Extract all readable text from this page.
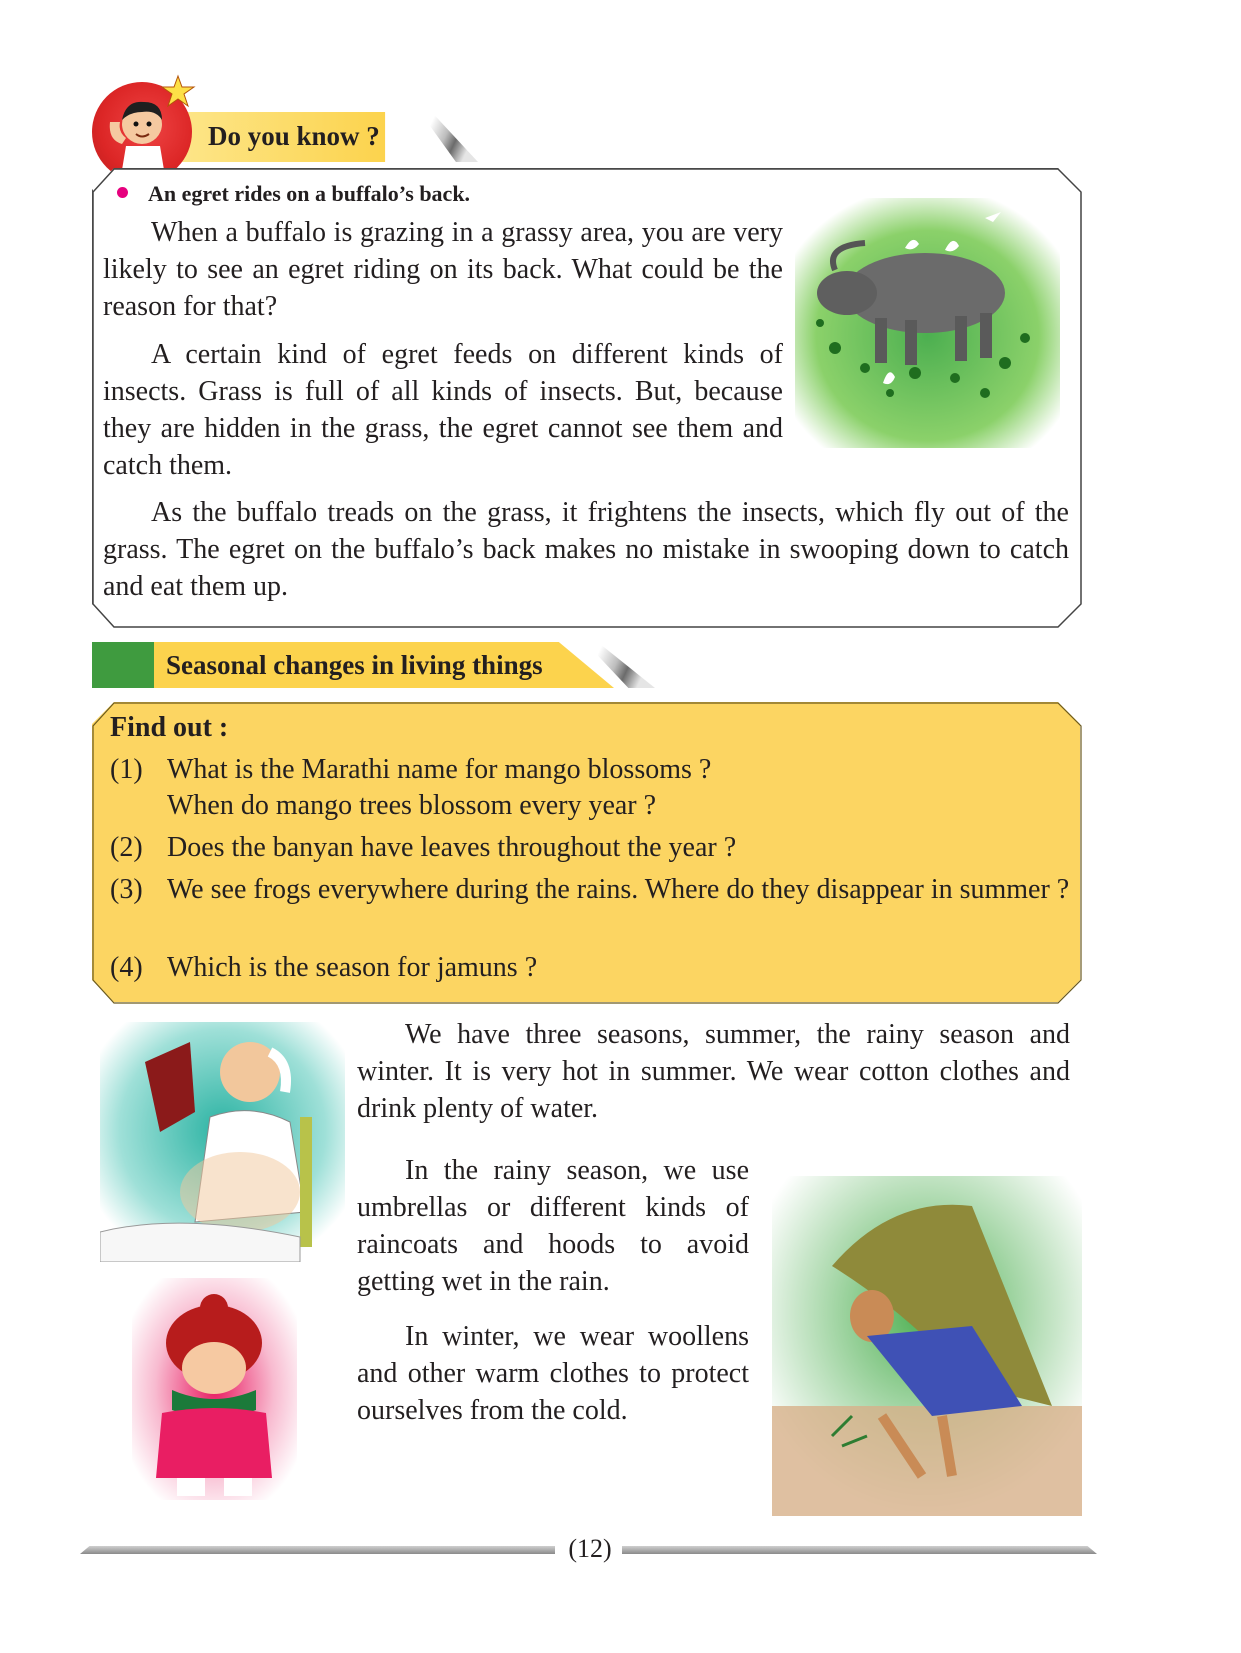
Do you know ?
An egret rides on a buffalo’s back.

When a buffalo is grazing in a grassy area, you are very likely to see an egret riding on its back. What could be the reason for that?

A certain kind of egret feeds on different kinds of insects. Grass is full of all kinds of insects. But, because they are hidden in the grass, the egret cannot see them and catch them.

As the buffalo treads on the grass, it frightens the insects, which fly out of the grass. The egret on the buffalo’s back makes no mistake in swooping down to catch and eat them up.

Seasonal changes in living things
Find out :
(1) What is the Marathi name for mango blossoms ?
When do mango trees blossom every year ?
(2) Does the banyan have leaves throughout the year ?
(3) We see frogs everywhere during the rains. Where do they disappear in summer ?
(4) Which is the season for jamuns ?

We have three seasons, summer, the rainy season and winter. It is very hot in summer. We wear cotton clothes and drink plenty of water.

In the rainy season, we use umbrellas or different kinds of raincoats and hoods to avoid getting wet in the rain.

In winter, we wear woollens and other warm clothes to protect ourselves from the cold.

(12)
